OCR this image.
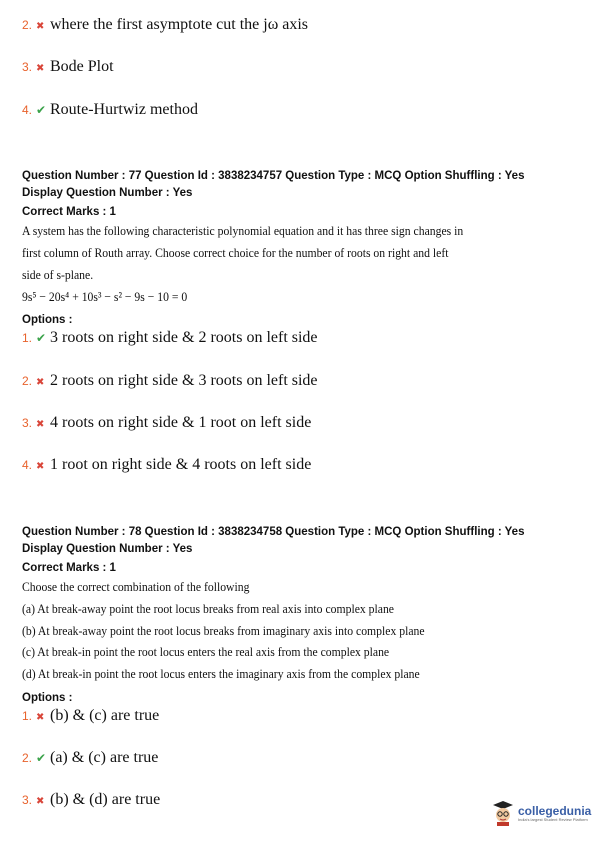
2. ✖ where the first asymptote cut the jω axis
3. ✖ Bode Plot
4. ✔ Route-Hurtwiz method
Question Number : 77 Question Id : 3838234757 Question Type : MCQ Option Shuffling : Yes
Display Question Number : Yes
Correct Marks : 1
A system has the following characteristic polynomial equation and it has three sign changes in
first column of Routh array. Choose correct choice for the number of roots on right and left
side of s-plane.
9s⁵ − 20s⁴ + 10s³ − s² − 9s − 10 = 0
Options :
1. ✔ 3 roots on right side & 2 roots on left side
2. ✖ 2 roots on right side & 3 roots on left side
3. ✖ 4 roots on right side & 1 root on left side
4. ✖ 1 root on right side & 4 roots on left side
Question Number : 78 Question Id : 3838234758 Question Type : MCQ Option Shuffling : Yes
Display Question Number : Yes
Correct Marks : 1
Choose the correct combination of the following
(a) At break-away point the root locus breaks from real axis into complex plane
(b) At break-away point the root locus breaks from imaginary axis into complex plane
(c) At break-in point the root locus enters the real axis from the complex plane
(d) At break-in point the root locus enters the imaginary axis from the complex plane
Options :
1. ✖ (b) & (c) are true
2. ✔ (a) & (c) are true
3. ✖ (b) & (d) are true
collegedunia
India's largest Student Review Platform
